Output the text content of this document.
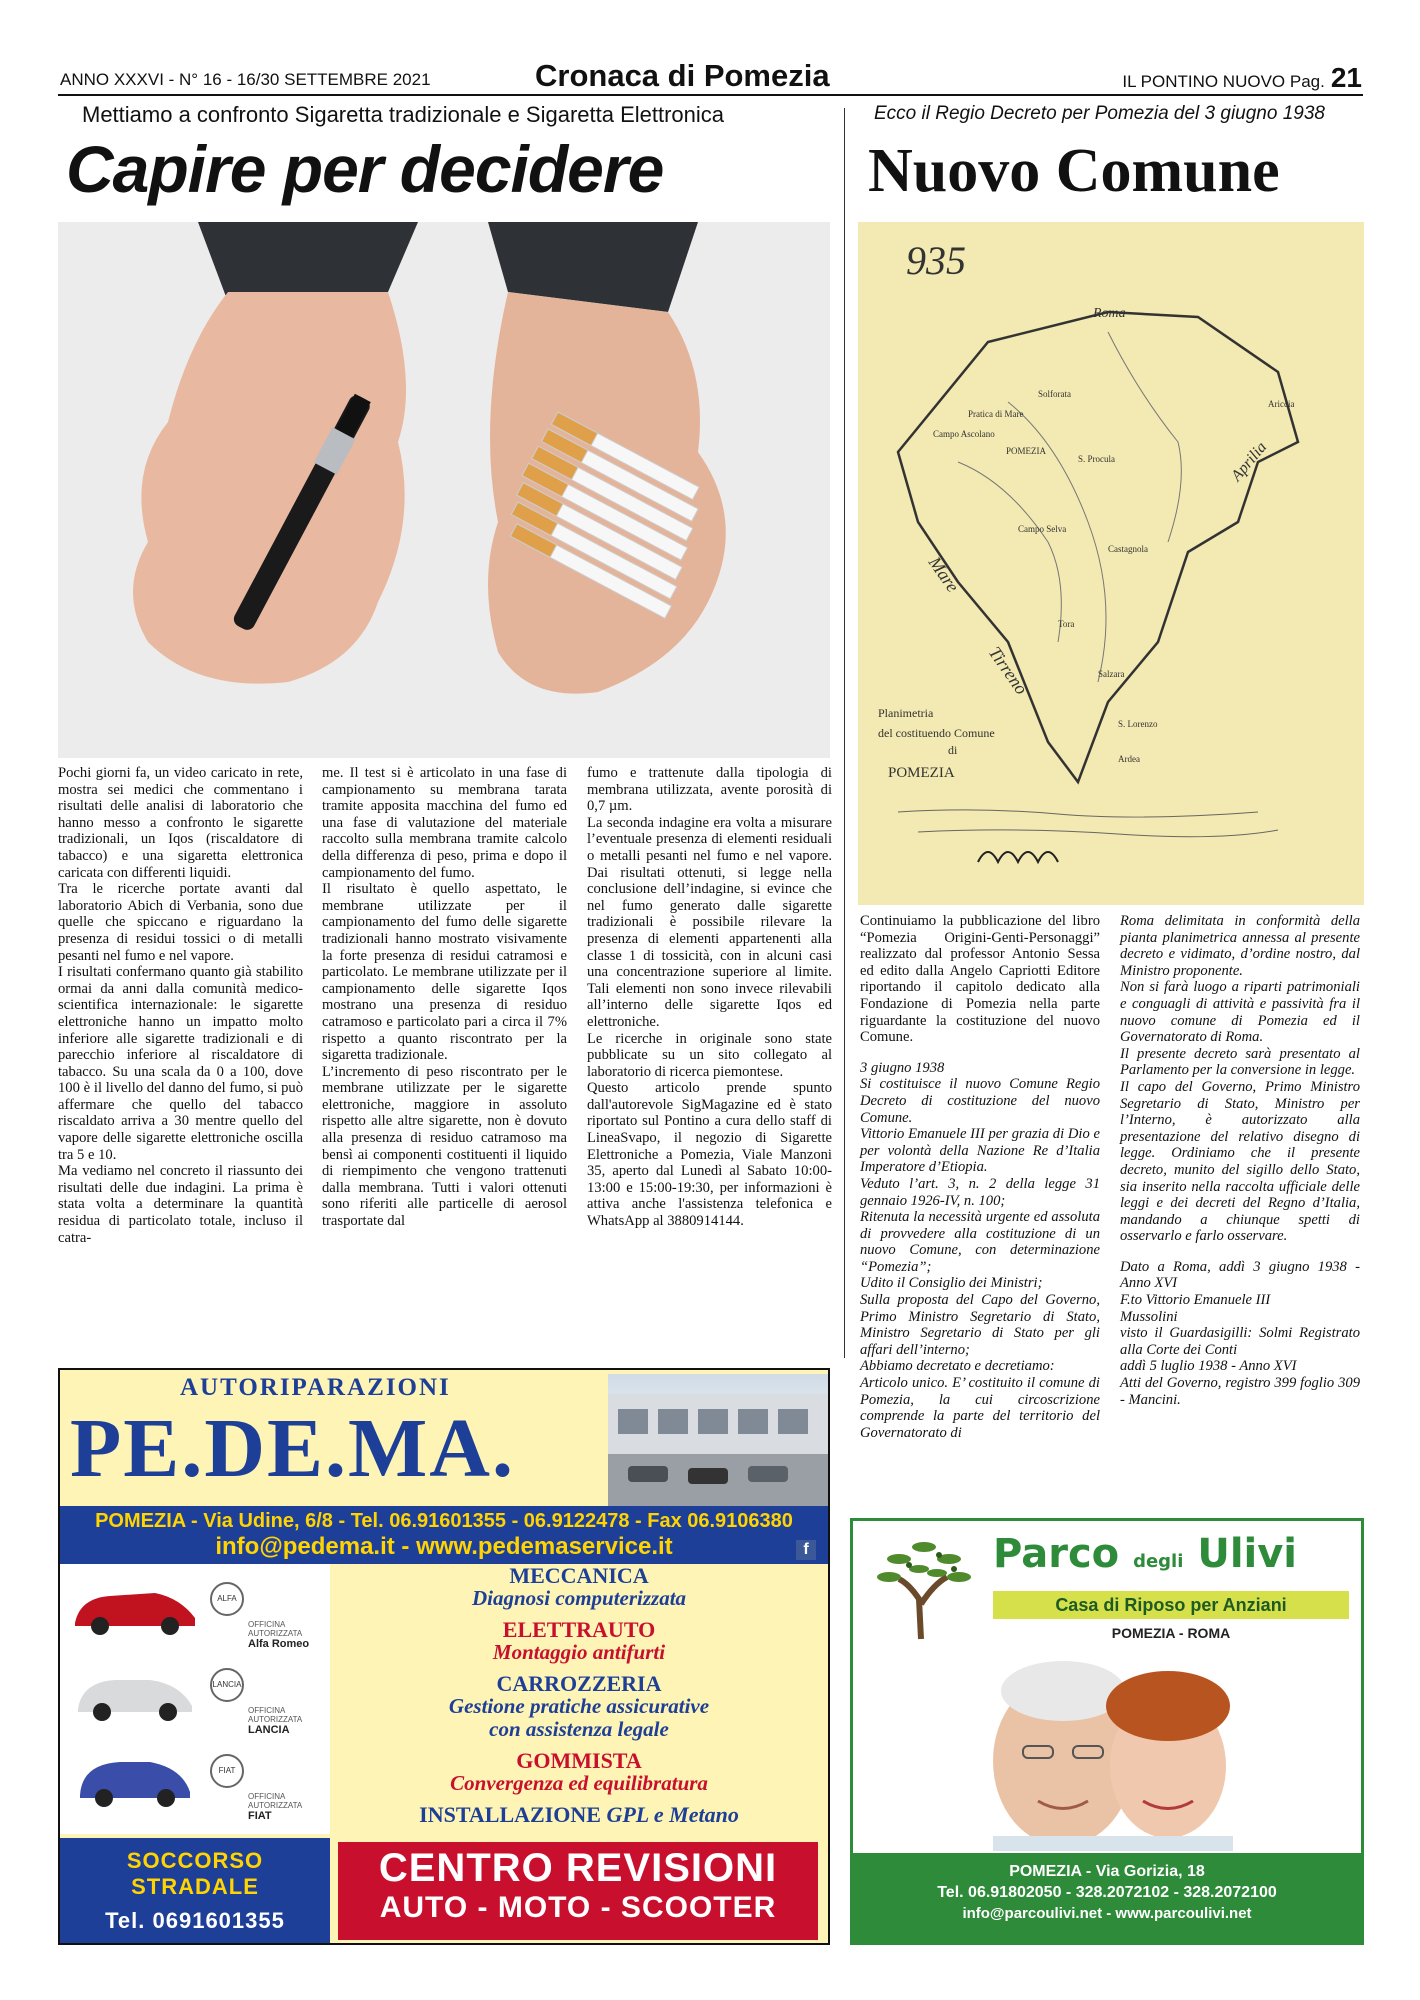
ANNO XXXVI - N° 16 - 16/30 SETTEMBRE 2021	Cronaca di Pomezia	IL PONTINO NUOVO Pag. 21
Mettiamo a confronto Sigaretta tradizionale e Sigaretta Elettronica
Capire per decidere

Pochi giorni fa, un video caricato in rete, mostra sei medici che commentano i risultati delle analisi di laboratorio che hanno messo a confronto le sigarette tradizionali, un Iqos (riscaldatore di tabacco) e una sigaretta elettronica caricata con differenti liquidi.

Tra le ricerche portate avanti dal laboratorio Abich di Verbania, sono due quelle che spiccano e riguardano la presenza di residui tossici o di metalli pesanti nel fumo e nel vapore.

I risultati confermano quanto già stabilito ormai da anni dalla comunità medico-scientifica internazionale: le sigarette elettroniche hanno un impatto molto inferiore alle sigarette tradizionali e di parecchio inferiore al riscaldatore di tabacco. Su una scala da 0 a 100, dove 100 è il livello del danno del fumo, si può affermare che quello del tabacco riscaldato arriva a 30 mentre quello del vapore delle sigarette elettroniche oscilla tra 5 e 10.

Ma vediamo nel concreto il riassunto dei risultati delle due indagini. La prima è stata volta a determinare la quantità residua di particolato totale, incluso il catra-

me. Il test si è articolato in una fase di campionamento su membrana tarata tramite apposita macchina del fumo ed una fase di valutazione del materiale raccolto sulla membrana tramite calcolo della differenza di peso, prima e dopo il campionamento del fumo.

Il risultato è quello aspettato, le membrane utilizzate per il campionamento del fumo delle sigarette tradizionali hanno mostrato visivamente la forte presenza di residui catramosi e particolato. Le membrane utilizzate per il campionamento delle sigarette Iqos mostrano una presenza di residuo catramoso e particolato pari a circa il 7% rispetto a quanto riscontrato per la sigaretta tradizionale.

L’incremento di peso riscontrato per le membrane utilizzate per le sigarette elettroniche, maggiore in assoluto rispetto alle altre sigarette, non è dovuto alla presenza di residuo catramoso ma bensì ai componenti costituenti il liquido di riempimento che vengono trattenuti dalla membrana. Tutti i valori ottenuti sono riferiti alle particelle di aerosol trasportate dal

fumo e trattenute dalla tipologia di membrana utilizzata, avente porosità di 0,7 µm.

La seconda indagine era volta a misurare l’eventuale presenza di elementi residuali o metalli pesanti nel fumo e nel vapore. Dai risultati ottenuti, si legge nella conclusione dell’indagine, si evince che nel fumo generato dalle sigarette tradizionali è possibile rilevare la presenza di elementi appartenenti alla classe 1 di tossicità, con in alcuni casi una concentrazione superiore al limite. Tali elementi non sono invece rilevabili all’interno delle sigarette Iqos ed elettroniche.

Le ricerche in originale sono state pubblicate su un sito collegato al laboratorio di ricerca piemontese.

Questo articolo prende spunto dall'autorevole SigMagazine ed è stato riportato sul Pontino a cura dello staff di LineaSvapo, il negozio di Sigarette Elettroniche a Pomezia, Viale Manzoni 35, aperto dal Lunedì al Sabato 10:00-13:00 e 15:00-19:30, per informazioni è attiva anche l'assistenza telefonica e WhatsApp al 3880914144.

Ecco il Regio Decreto per Pomezia del 3 giugno 1938
Nuovo Comune
935
Roma
Solforata
Pratica di Mare
Campo Ascolano
POMEZIA
S. Procula
Campo Selva
Castagnola
Tora
Salzara
S. Lorenzo
Ardea
Ariccia
Aprilia
Mare
Tirreno
Planimetria
del costituendo Comune
di
POMEZIA

Continuiamo la pubblicazione del libro “Pomezia Origini-Genti-Personaggi” realizzato dal professor Antonio Sessa ed edito dalla Angelo Capriotti Editore riportando il capitolo dedicato alla Fondazione di Pomezia nella parte riguardante la costituzione del nuovo Comune.

3 giugno 1938

Si costituisce il nuovo Comune Regio Decreto di costituzione del nuovo Comune.

Vittorio Emanuele III per grazia di Dio e per volontà della Nazione Re d’Italia Imperatore d’Etiopia.

Veduto l’art. 3, n. 2 della legge 31 gennaio 1926-IV, n. 100;

Ritenuta la necessità urgente ed assoluta di provvedere alla costituzione di un nuovo Comune, con determinazione “Pomezia”;

Udito il Consiglio dei Ministri;

Sulla proposta del Capo del Governo, Primo Ministro Segretario di Stato, Ministro Segretario di Stato per gli affari dell’interno;

Abbiamo decretato e decretiamo:

Articolo unico. E’ costituito il comune di Pomezia, la cui circoscrizione comprende la parte del territorio del Governatorato di

Roma delimitata in conformità della pianta planimetrica annessa al presente decreto e vidimato, d’ordine nostro, dal Ministro proponente.

Non si farà luogo a riparti patrimoniali e conguagli di attività e passività fra il nuovo comune di Pomezia ed il Governatorato di Roma.

Il presente decreto sarà presentato al Parlamento per la conversione in legge.

Il capo del Governo, Primo Ministro Segretario di Stato, Ministro per l’Interno, è autorizzato alla presentazione del relativo disegno di legge. Ordiniamo che il presente decreto, munito del sigillo dello Stato, sia inserito nella raccolta ufficiale delle leggi e dei decreti del Regno d’Italia, mandando a chiunque spetti di osservarlo e farlo osservare.

Dato a Roma, addì 3 giugno 1938 - Anno XVI

F.to Vittorio Emanuele III

Mussolini

visto il Guardasigilli: Solmi Registrato alla Corte dei Conti

addì 5 luglio 1938 - Anno XVI

Atti del Governo, registro 399 foglio 309 - Mancini.

AUTORIPARAZIONI
PE.DE.MA.
POMEZIA - Via Udine, 6/8 - Tel. 06.91601355 - 06.9122478 - Fax 06.9106380
info@pedema.it - www.pedemaservice.it	f
ALFA
OFFICINA AUTORIZZATA
Alfa Romeo
LANCIA
OFFICINA AUTORIZZATA
LANCIA
FIAT
OFFICINA AUTORIZZATA
FIAT
MECCANICA
Diagnosi computerizzata
ELETTRAUTO
Montaggio antifurti
CARROZZERIA
Gestione pratiche assicurative
con assistenza legale
GOMMISTA
Convergenza ed equilibratura
INSTALLAZIONE GPL e Metano
SOCCORSO
STRADALE
Tel. 0691601355
CENTRO REVISIONI
AUTO - MOTO - SCOOTER
Parco degli Ulivi
Casa di Riposo per Anziani
POMEZIA - ROMA
POMEZIA - Via Gorizia, 18
Tel. 06.91802050 - 328.2072102 - 328.2072100
info@parcoulivi.net - www.parcoulivi.net
